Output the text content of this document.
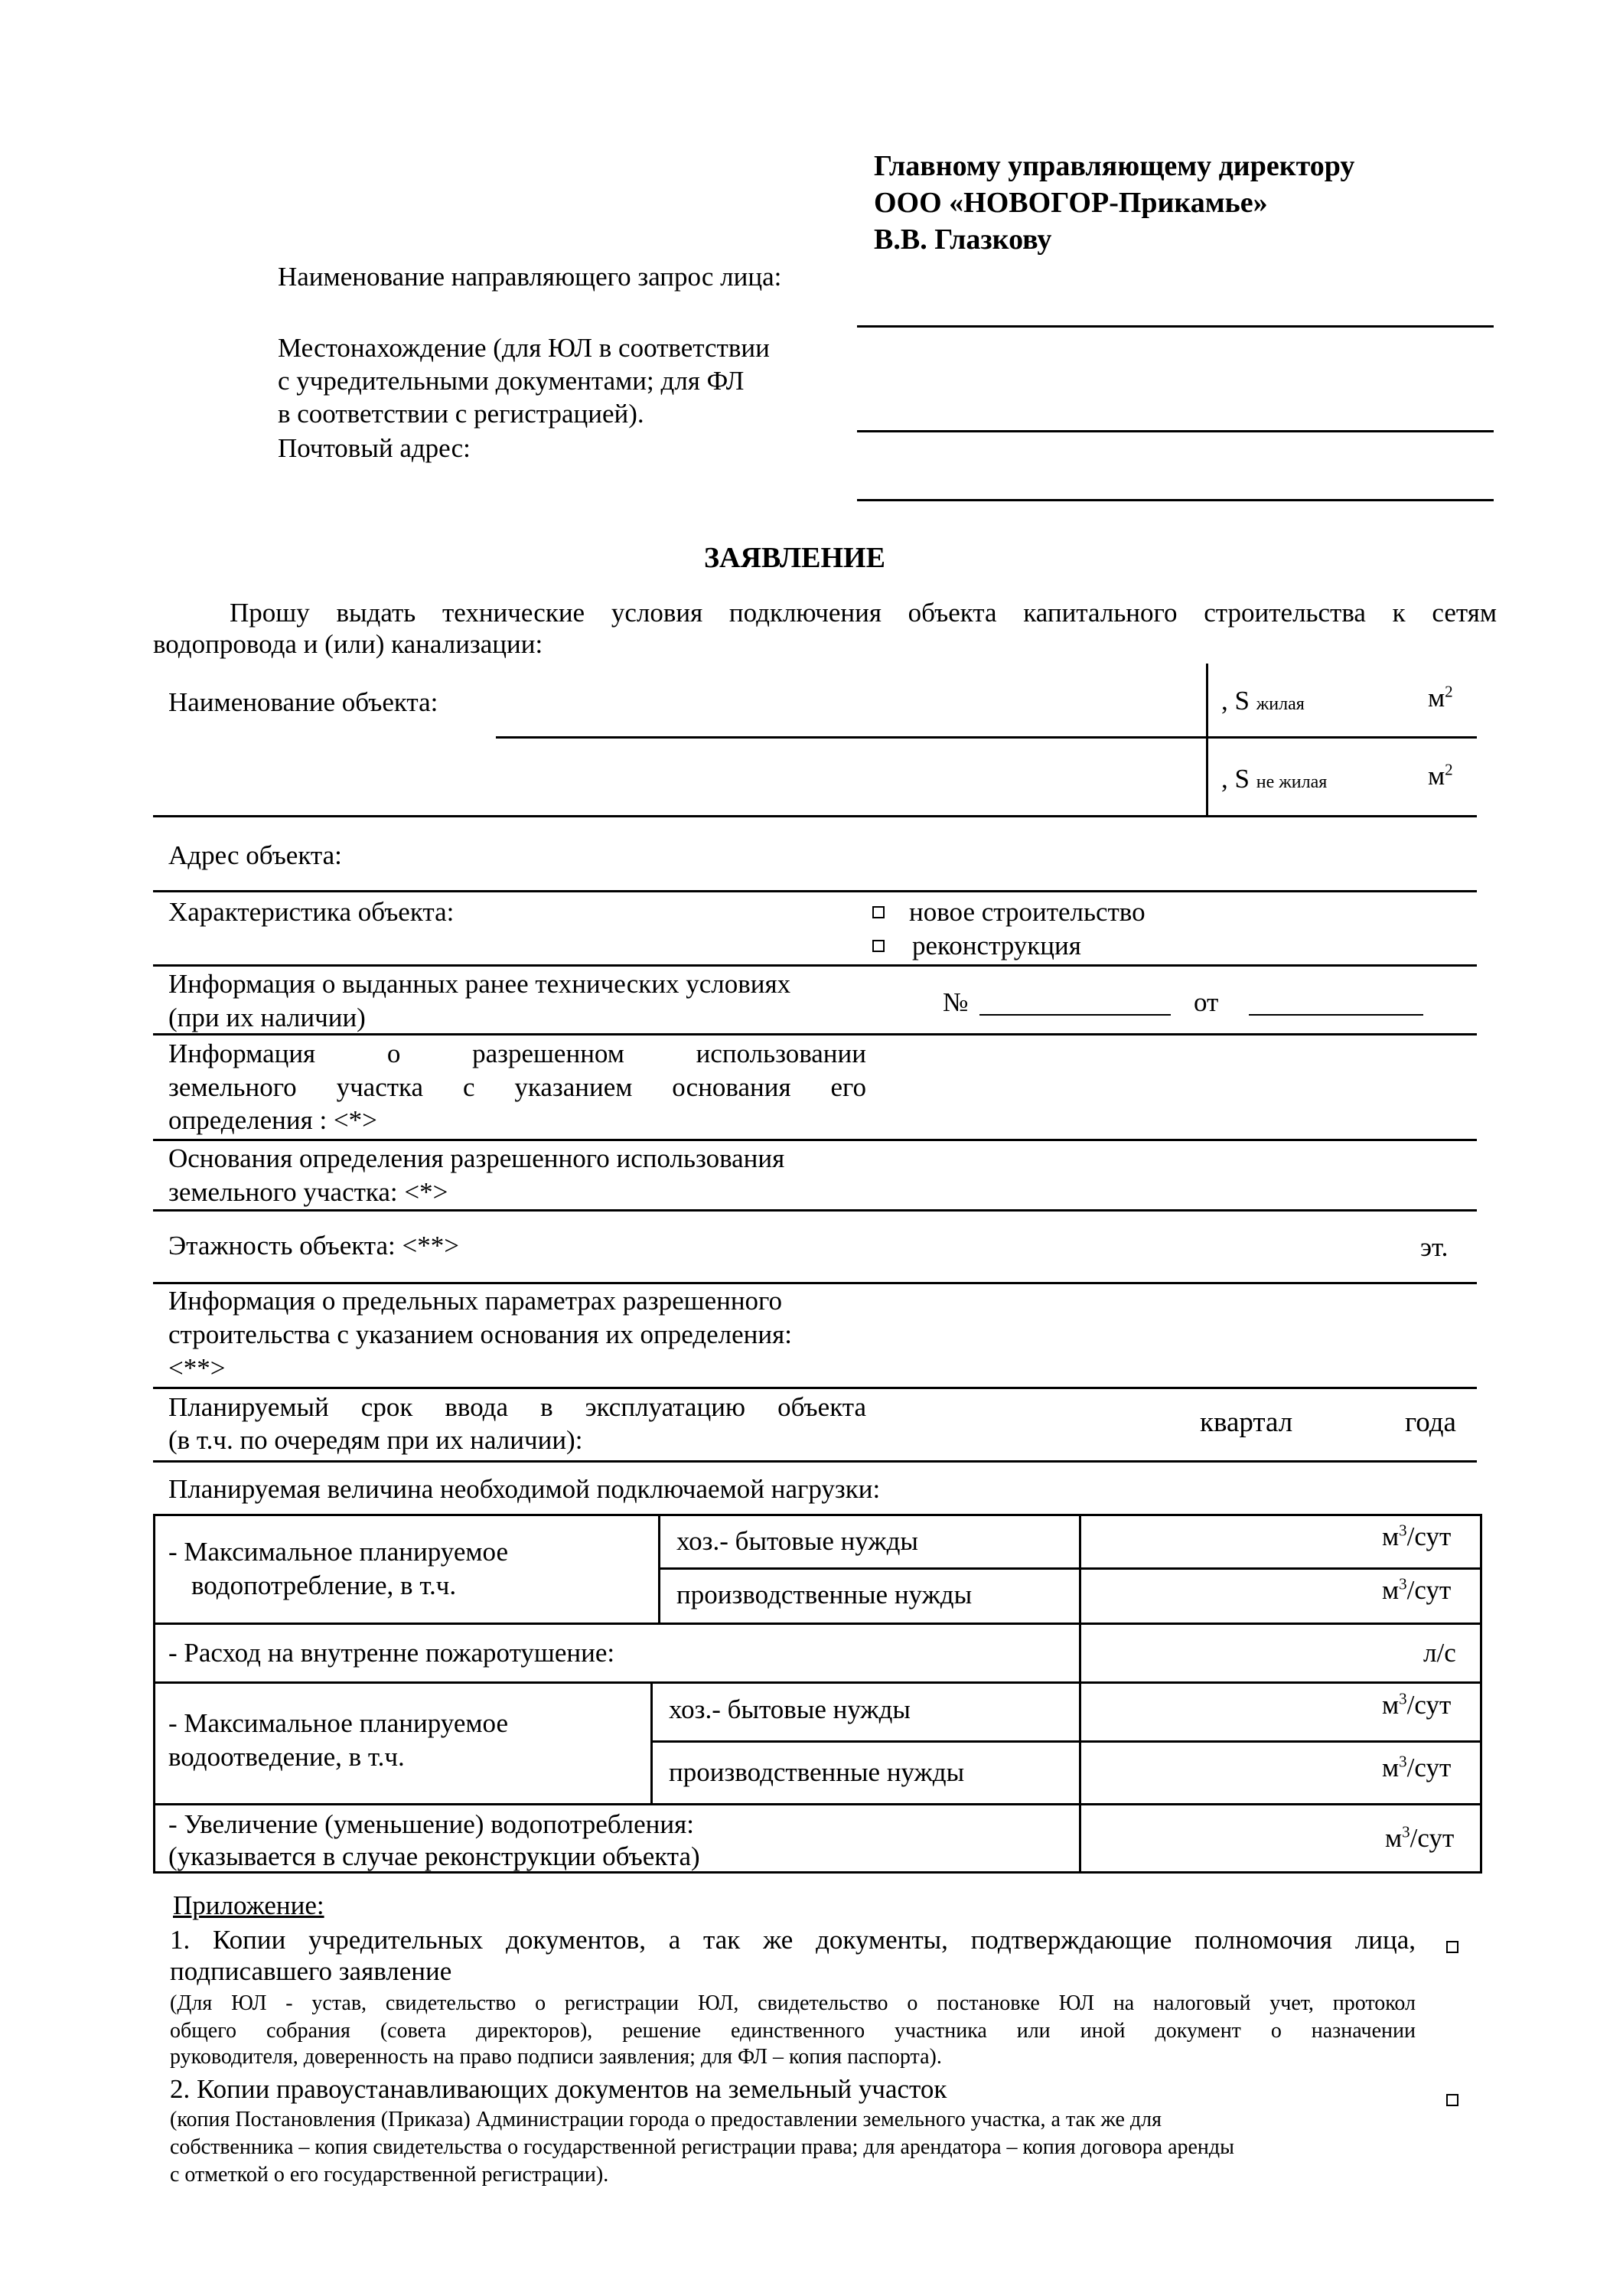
Главному управляющему директору
ООО «НОВОГОР-Прикамье»
В.В. Глазкову
Наименование направляющего запрос лица:
Местонахождение (для ЮЛ в соответствии
с учредительными документами; для ФЛ
в соответствии с регистрацией).
Почтовый адрес:
ЗАЯВЛЕНИЕ
Прошу выдать технические условия подключения объекта капитального строительства к сетям
водопровода и (или) канализации:
Наименование объекта:	, S жилая	$м^2$
, S не жилая	$м^2$
Адрес объекта:
Характеристика объекта:	новое строительство
реконструкция
Информация о выданных ранее технических условиях
(при их наличии)
№	от
Информация о разрешенном использовании
земельного участка с указанием основания его
определения : <*>
Основания определения разрешенного использования
земельного участка: <*>
Этажность объекта: <**>	эт.
Информация о предельных параметрах разрешенного
строительства с указанием основания их определения:
<**>
Планируемый срок ввода в эксплуатацию объекта
(в т.ч. по очередям при их наличии):
квартал	года
Планируемая величина необходимой подключаемой нагрузки:
- Максимальное планируемое
водопотребление, в т.ч.
хоз.- бытовые нужды	$м^3$/сут
производственные нужды	$м^3$/сут
- Расход на внутренне пожаротушение:	л/с
- Максимальное планируемое
водоотведение, в т.ч.
хоз.- бытовые нужды	$м^3$/сут
производственные нужды	$м^3$/сут
- Увеличение (уменьшение) водопотребления:
(указывается в случае реконструкции объекта)
$м^3$/сут
Приложение:
1. Копии учредительных документов, а так же документы, подтверждающие полномочия лица,
подписавшего заявление
(Для ЮЛ - устав, свидетельство о регистрации ЮЛ, свидетельство о постановке ЮЛ на налоговый учет, протокол
общего собрания (совета директоров), решение единственного участника или иной документ о назначении
руководителя, доверенность на право подписи заявления; для ФЛ – копия паспорта).
2. Копии правоустанавливающих документов на земельный участок
(копия Постановления (Приказа) Администрации города о предоставлении земельного участка, а так же для
собственника – копия свидетельства о государственной регистрации права; для арендатора – копия договора аренды
с отметкой о его государственной регистрации).
